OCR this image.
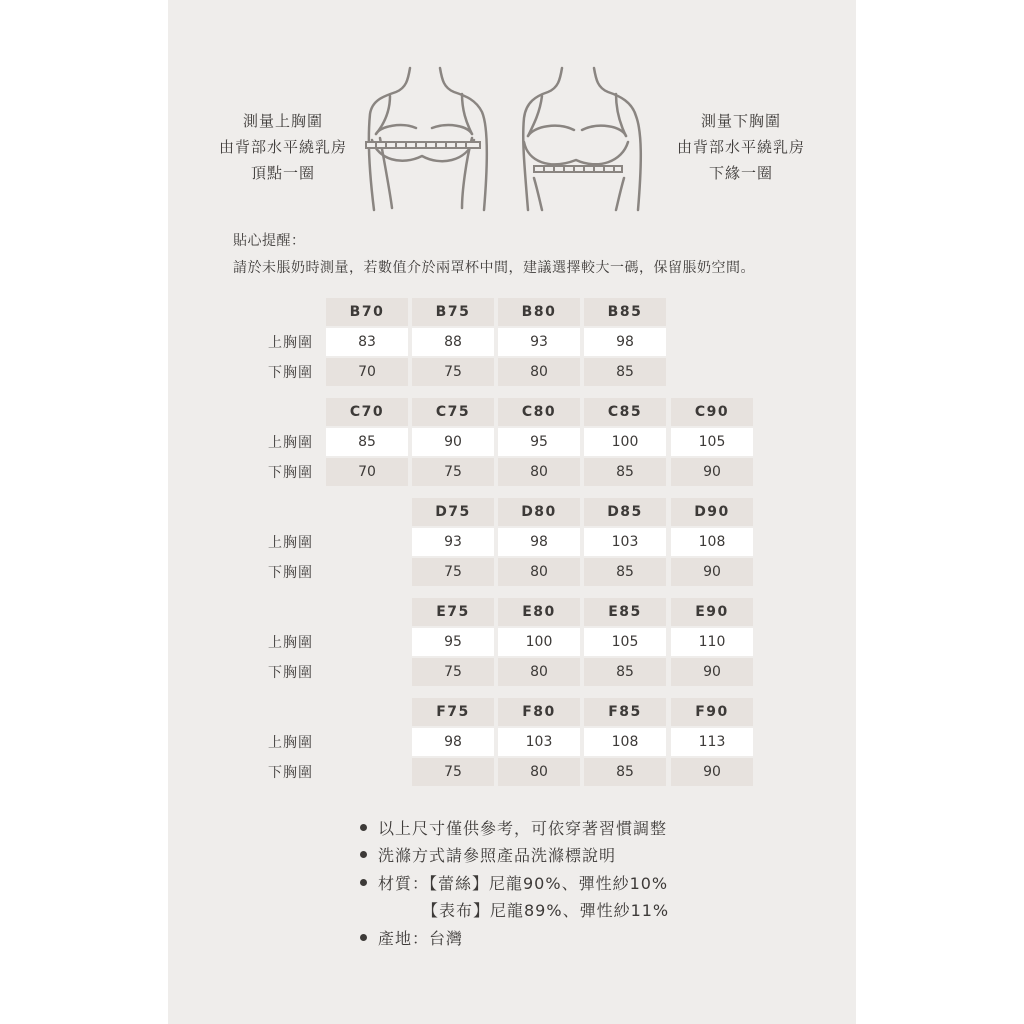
測量上胸圍
由背部水平繞乳房
頂點一圈
測量下胸圍
由背部水平繞乳房
下緣一圈
貼心提醒：
請於未脹奶時測量，若數值介於兩罩杯中間，建議選擇較大一碼，保留脹奶空間。
上胸圍
下胸圍
B70
83
70
B75
88
75
B80
93
80
B85
98
85
上胸圍
下胸圍
C70
85
70
C75
90
75
C80
95
80
C85
100
85
C90
105
90
上胸圍
下胸圍
D75
93
75
D80
98
80
D85
103
85
D90
108
90
上胸圍
下胸圍
E75
95
75
E80
100
80
E85
105
85
E90
110
90
上胸圍
下胸圍
F75
98
75
F80
103
80
F85
108
85
F90
113
90
以上尺寸僅供參考，可依穿著習慣調整
洗滌方式請參照產品洗滌標說明
材質：【蕾絲】尼龍90%、彈性紗10%
【表布】尼龍89%、彈性紗11%
產地：台灣
